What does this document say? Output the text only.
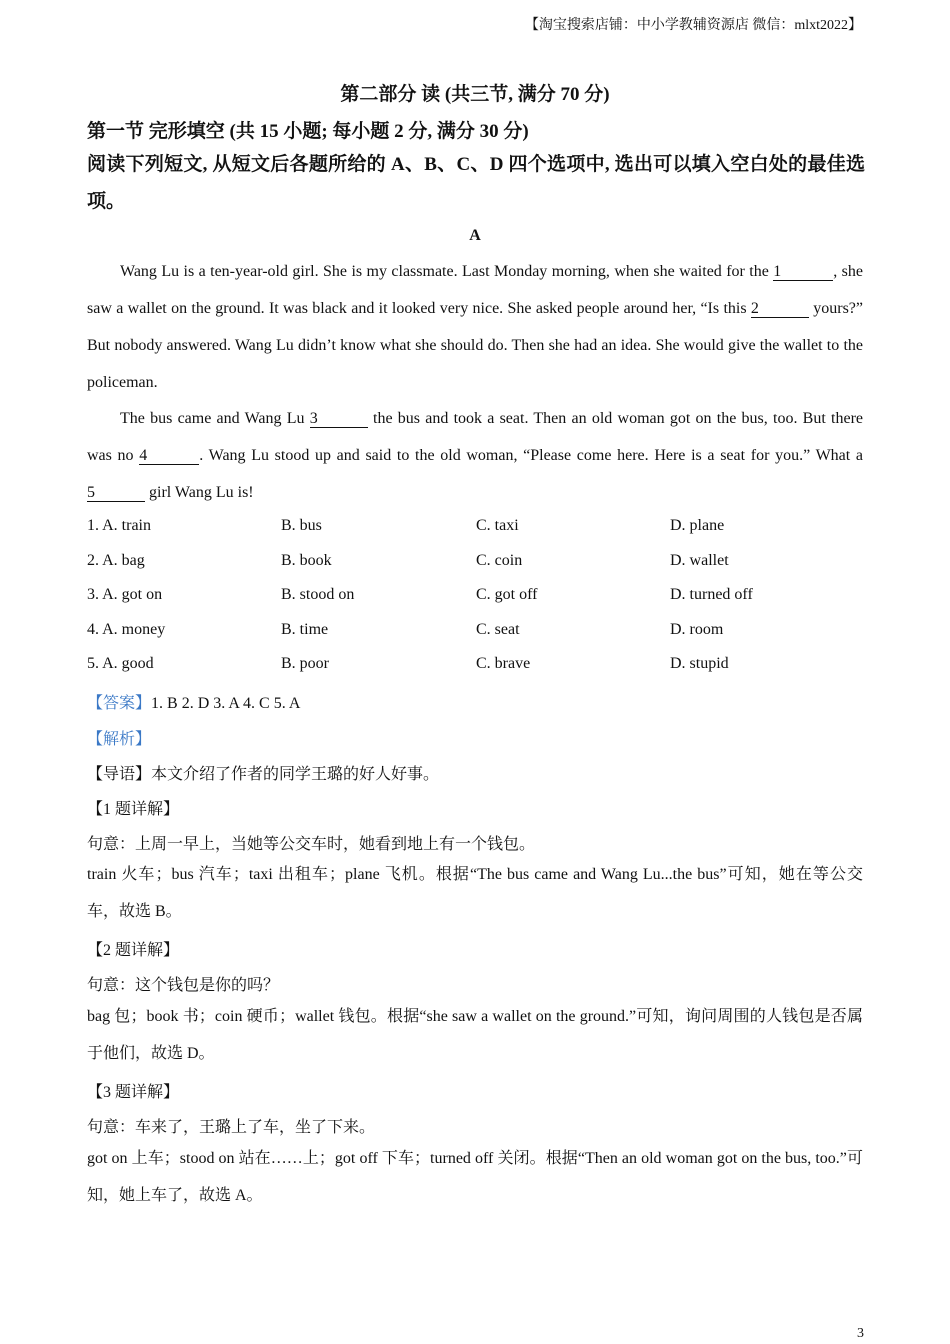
【淘宝搜索店铺：中小学教辅资源店 微信：mlxt2022】
第二部分 读 (共三节, 满分 70 分)
第一节 完形填空 (共 15 小题; 每小题 2 分, 满分 30 分)
阅读下列短文, 从短文后各题所给的 A、B、C、D 四个选项中, 选出可以填入空白处的最佳选项。
A
Wang Lu is a ten-year-old girl. She is my classmate. Last Monday morning, when she waited for the 1	, she saw a wallet on the ground. It was black and it looked very nice. She asked people around her, “Is this 2	yours?” But nobody answered. Wang Lu didn’t know what she should do. Then she had an idea. She would give the wallet to the policeman.
The bus came and Wang Lu 3	the bus and took a seat. Then an old woman got on the bus, too. But there was no 4	. Wang Lu stood up and said to the old woman, “Please come here. Here is a seat for you.” What a 5	girl Wang Lu is!
1. A. train	B. bus	C. taxi	D. plane
2. A. bag	B. book	C. coin	D. wallet
3. A. got on	B. stood on	C. got off	D. turned off
4. A. money	B. time	C. seat	D. room
5. A. good	B. poor	C. brave	D. stupid
【答案】1. B 2. D 3. A 4. C 5. A
【解析】
【导语】本文介绍了作者的同学王璐的好人好事。
【1 题详解】
句意：上周一早上，当她等公交车时，她看到地上有一个钱包。
train 火车；bus 汽车；taxi 出租车；plane 飞机。根据“The bus came and Wang Lu...the bus”可知，她在等公交车，故选 B。
【2 题详解】
句意：这个钱包是你的吗？
bag 包；book 书；coin 硬币；wallet 钱包。根据“she saw a wallet on the ground.”可知，询问周围的人钱包是否属于他们，故选 D。
【3 题详解】
句意：车来了，王璐上了车，坐了下来。
got on 上车；stood on 站在……上；got off 下车；turned off 关闭。根据“Then an old woman got on the bus, too.”可知，她上车了，故选 A。
3
